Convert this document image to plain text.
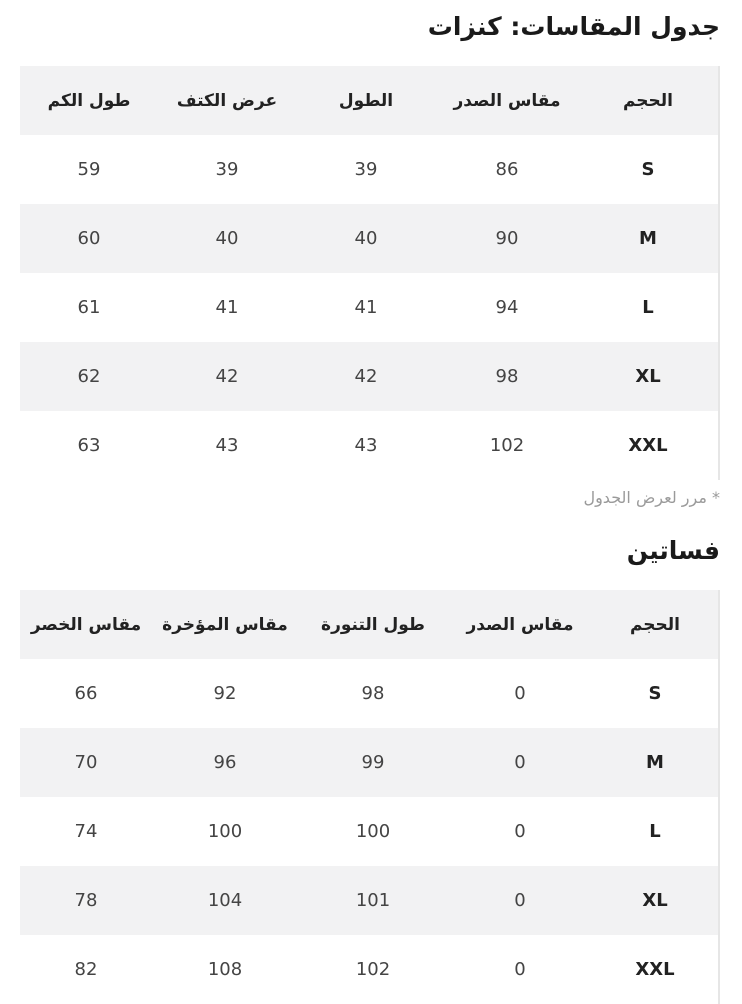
جدول المقاسات: كنزات
الحجم	مقاس الصدر	الطول	عرض الكتف	طول الكم
S	86	39	39	59
M	90	40	40	60
L	94	41	41	61
XL	98	42	42	62
XXL	102	43	43	63
* مرر لعرض الجدول
فساتين
الحجم	مقاس الصدر	طول التنورة	مقاس المؤخرة	مقاس الخصر
S	0	98	92	66
M	0	99	96	70
L	0	100	100	74
XL	0	101	104	78
XXL	0	102	108	82
